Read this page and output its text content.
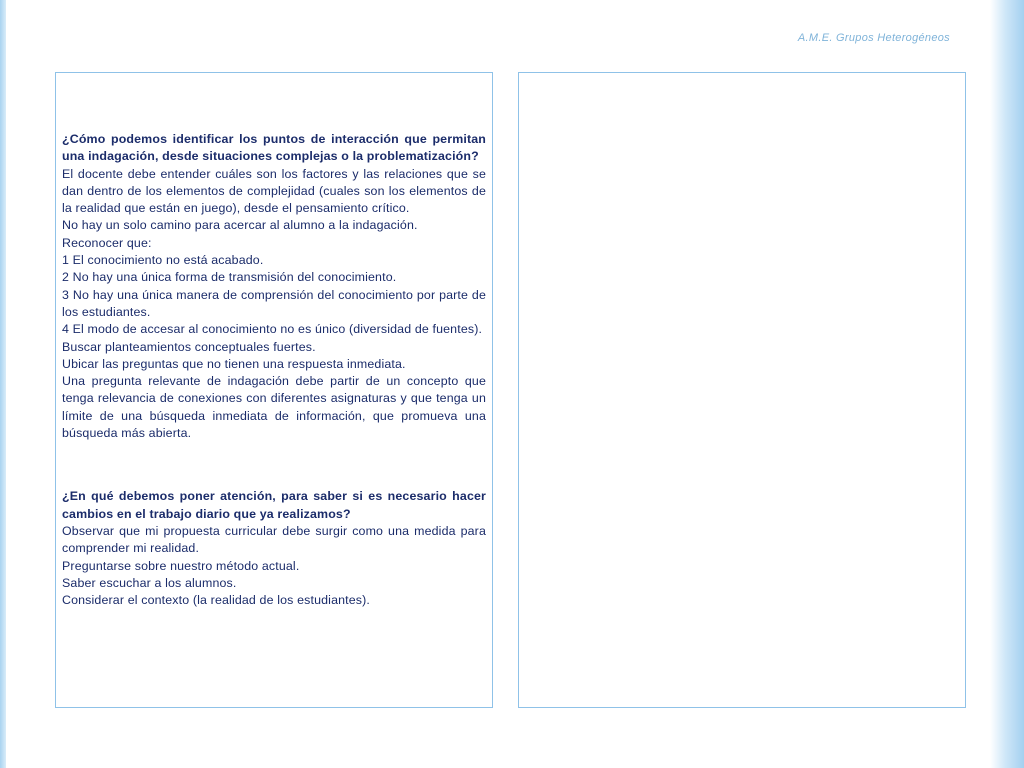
A.M.E. Grupos Heterogéneos

¿Cómo podemos identificar los puntos de interacción que permitan una indagación, desde situaciones complejas o la problematización?

El docente debe entender cuáles son los factores y las relaciones que se dan dentro de los elementos de complejidad (cuales son los elementos de la realidad que están en juego), desde el pensamiento crítico.

No hay un solo camino para acercar al alumno a la indagación.

Reconocer que:

1 El conocimiento no está acabado.

2 No hay una única forma de transmisión del conocimiento.

3 No hay una única manera de comprensión del conocimiento por parte de los estudiantes.

4 El modo de accesar al conocimiento no es único (diversidad de fuentes).

Buscar planteamientos conceptuales fuertes.

Ubicar las preguntas que no tienen una respuesta inmediata.

Una pregunta relevante de indagación debe partir de un concepto que tenga relevancia de conexiones con diferentes asignaturas y que tenga un límite de una búsqueda inmediata de información, que promueva una búsqueda más abierta.

¿En qué debemos poner atención, para saber si es necesario hacer cambios en el trabajo diario que ya realizamos?

Observar que mi propuesta curricular debe surgir como una medida para comprender mi realidad.

Preguntarse sobre nuestro método actual.

Saber escuchar a los alumnos.

Considerar el contexto (la realidad de los estudiantes).
